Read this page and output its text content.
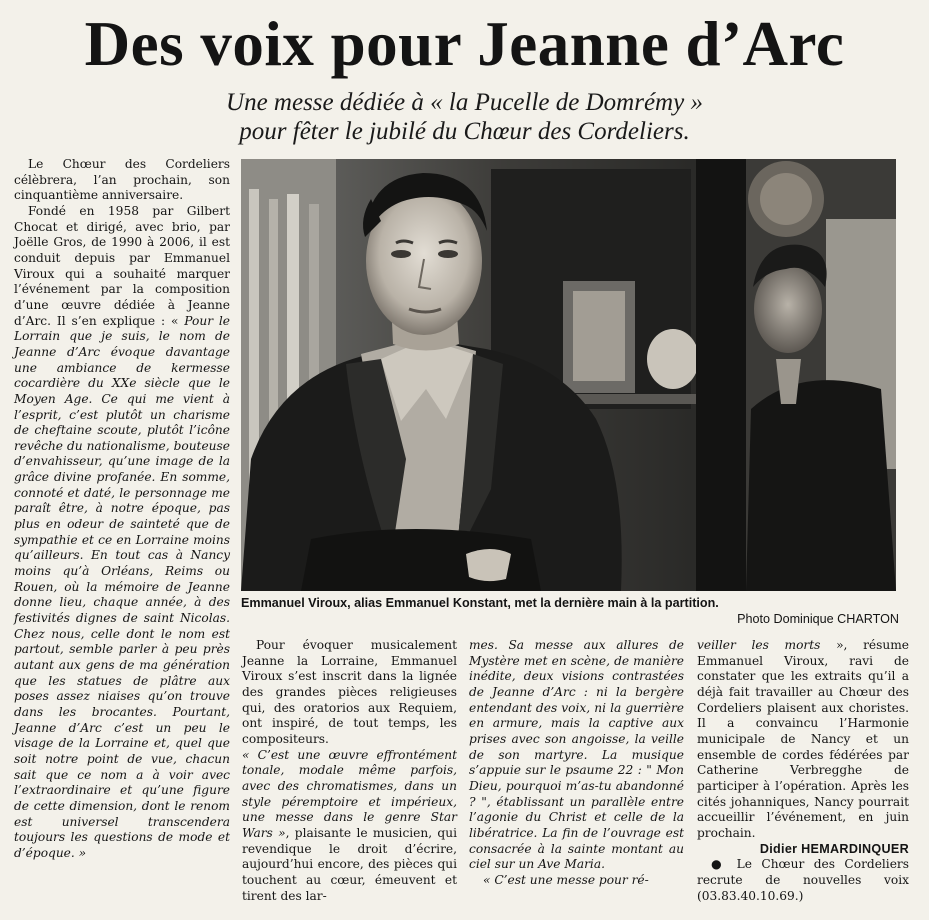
Des voix pour Jeanne d’Arc
Une messe dédiée à « la Pucelle de Domrémy »
pour fêter le jubilé du Chœur des Cordeliers.

Le Chœur des Cordeliers célèbrera, l’an prochain, son cinquantième anniversaire.

Fondé en 1958 par Gilbert Chocat et dirigé, avec brio, par Joëlle Gros, de 1990 à 2006, il est conduit depuis par Emmanuel Viroux qui a souhaité marquer l’événement par la composition d’une œuvre dédiée à Jeanne d’Arc. Il s’en explique : « Pour le Lorrain que je suis, le nom de Jeanne d’Arc évoque davantage une ambiance de kermesse cocardière du XXe siècle que le Moyen Age. Ce qui me vient à l’esprit, c’est plutôt un charisme de cheftaine scoute, plutôt l’icône revêche du nationalisme, bouteuse d’envahisseur, qu’une image de la grâce divine profanée. En somme, connoté et daté, le personnage me paraît être, à notre époque, pas plus en odeur de sainteté que de sympathie et ce en Lorraine moins qu’ailleurs. En tout cas à Nancy moins qu’à Orléans, Reims ou Rouen, où la mémoire de Jeanne donne lieu, chaque année, à des festivités dignes de saint Nicolas. Chez nous, celle dont le nom est partout, semble parler à peu près autant aux gens de ma génération que les statues de plâtre aux poses assez niaises qu’on trouve dans les brocantes. Pourtant, Jeanne d’Arc c’est un peu le visage de la Lorraine et, quel que soit notre point de vue, chacun sait que ce nom a à voir avec l’extraordinaire et qu’une figure de cette dimension, dont le renom est universel transcendera toujours les questions de mode et d’époque. »

Emmanuel Viroux, alias Emmanuel Konstant, met la dernière main à la partition.

Photo Dominique CHARTON

Pour évoquer musicalement Jeanne la Lorraine, Emmanuel Viroux s’est inscrit dans la lignée des grandes pièces religieuses qui, des oratorios aux Requiem, ont inspiré, de tout temps, les compositeurs.

« C’est une œuvre effrontément tonale, modale même parfois, avec des chromatismes, dans un style péremptoire et impérieux, une messe dans le genre Star Wars », plaisante le musicien, qui revendique le droit d’écrire, aujourd’hui encore, des pièces qui touchent au cœur, émeuvent et tirent des lar-

mes. Sa messe aux allures de Mystère met en scène, de manière inédite, deux visions contrastées de Jeanne d’Arc : ni la bergère entendant des voix, ni la guerrière en armure, mais la captive aux prises avec son angoisse, la veille de son martyre. La musique s’appuie sur le psaume 22 : " Mon Dieu, pourquoi m’as-tu abandonné ? ", établissant un parallèle entre l’agonie du Christ et celle de la libératrice. La fin de l’ouvrage est consacrée à la sainte montant au ciel sur un Ave Maria.

« C’est une messe pour ré-

veiller les morts », résume Emmanuel Viroux, ravi de constater que les extraits qu’il a déjà fait travailler au Chœur des Cordeliers plaisent aux choristes. Il a convaincu l’Harmonie municipale de Nancy et un ensemble de cordes fédérées par Catherine Verbregghe de participer à l’opération. Après les cités johanniques, Nancy pourrait accueillir l’événement, en juin prochain.

Didier HEMARDINQUER

● Le Chœur des Cordeliers recrute de nouvelles voix (03.83.40.10.69.)
